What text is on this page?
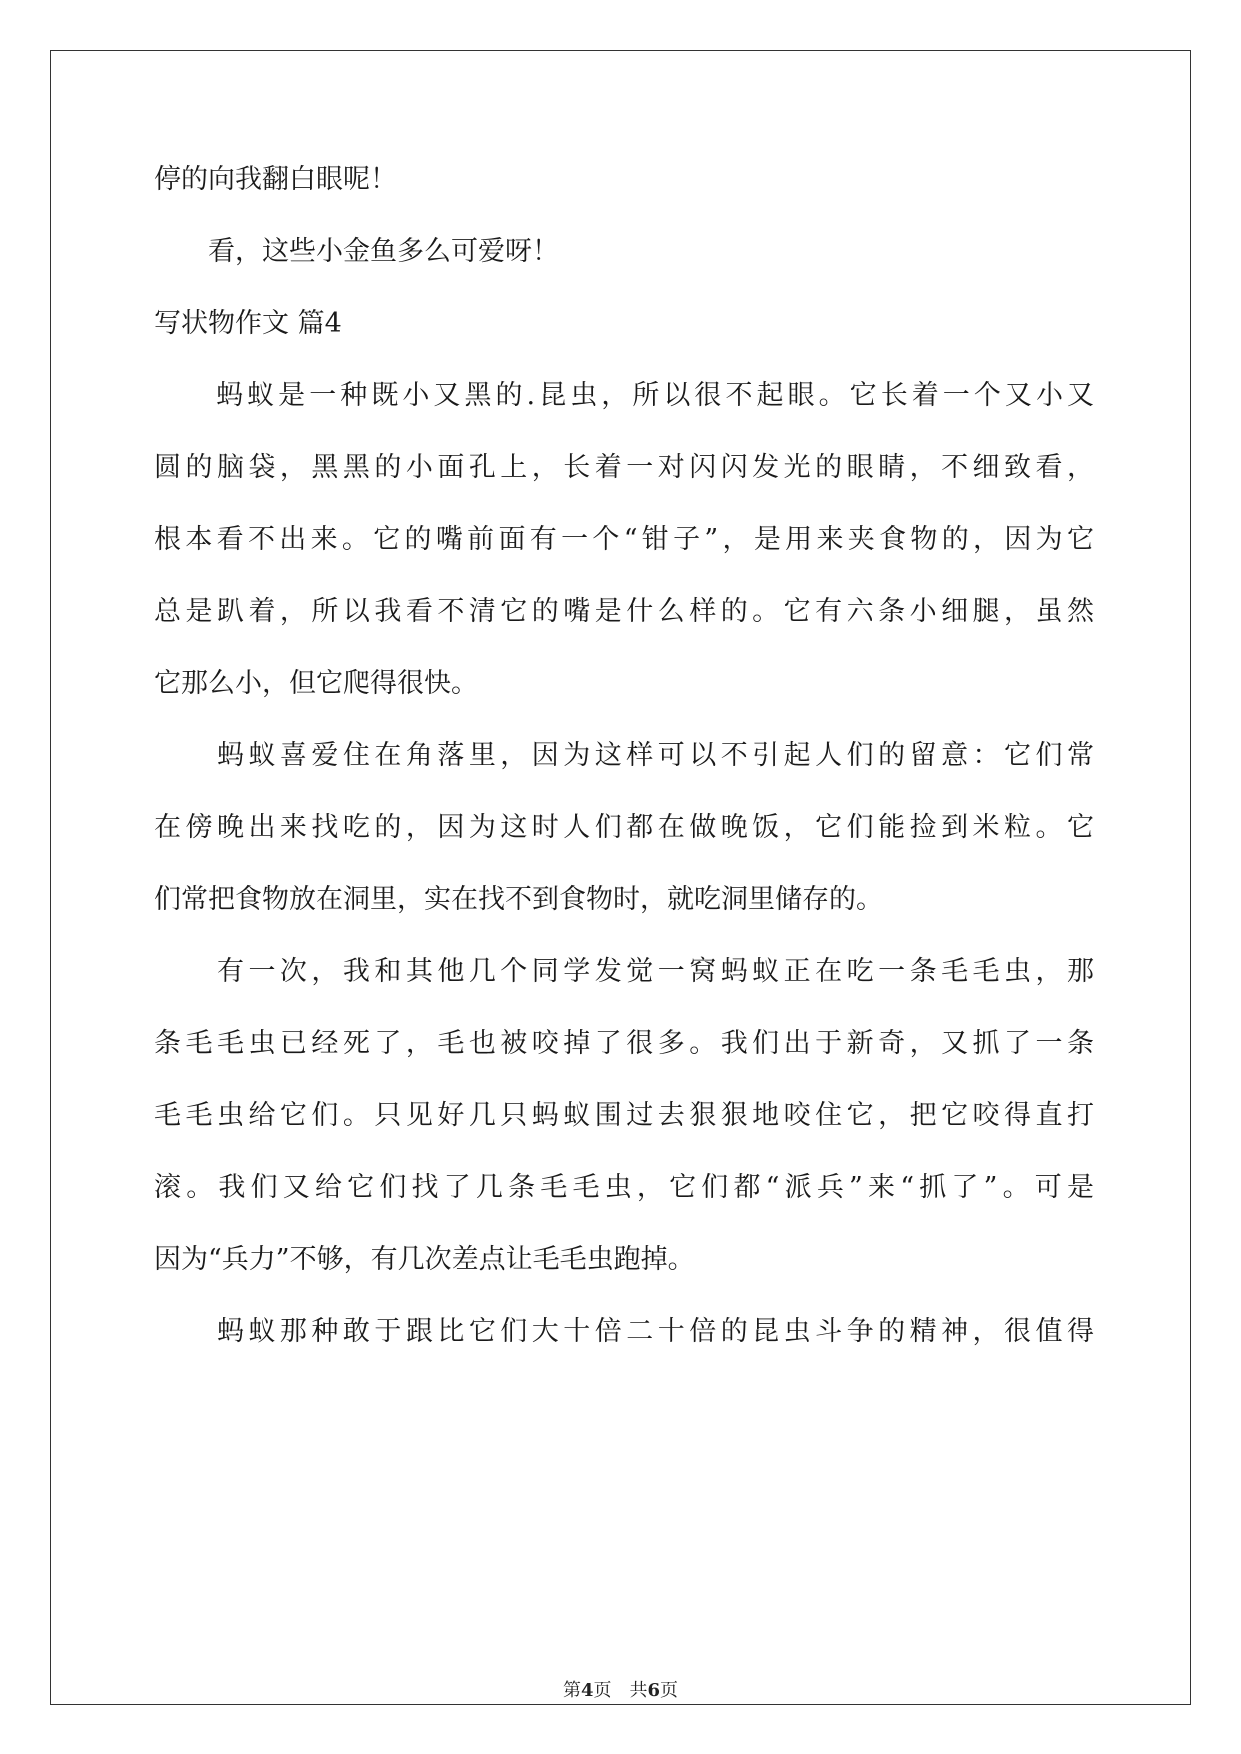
停的向我翻白眼呢！
　　看，这些小金鱼多么可爱呀！
写状物作文 篇4
　　蚂蚁是一种既小又黑的.昆虫，所以很不起眼。它长着一个又小又
圆的脑袋，黑黑的小面孔上，长着一对闪闪发光的眼睛，不细致看，
根本看不出来。它的嘴前面有一个“钳子”，是用来夹食物的，因为它
总是趴着，所以我看不清它的嘴是什么样的。它有六条小细腿，虽然
它那么小，但它爬得很快。
　　蚂蚁喜爱住在角落里，因为这样可以不引起人们的留意：它们常
在傍晚出来找吃的，因为这时人们都在做晚饭，它们能捡到米粒。它
们常把食物放在洞里，实在找不到食物时，就吃洞里储存的。
　　有一次，我和其他几个同学发觉一窝蚂蚁正在吃一条毛毛虫，那
条毛毛虫已经死了，毛也被咬掉了很多。我们出于新奇，又抓了一条
毛毛虫给它们。只见好几只蚂蚁围过去狠狠地咬住它，把它咬得直打
滚。我们又给它们找了几条毛毛虫，它们都“派兵”来“抓了”。可是
因为“兵力”不够，有几次差点让毛毛虫跑掉。
　　蚂蚁那种敢于跟比它们大十倍二十倍的昆虫斗争的精神，很值得
第4页　共6页
